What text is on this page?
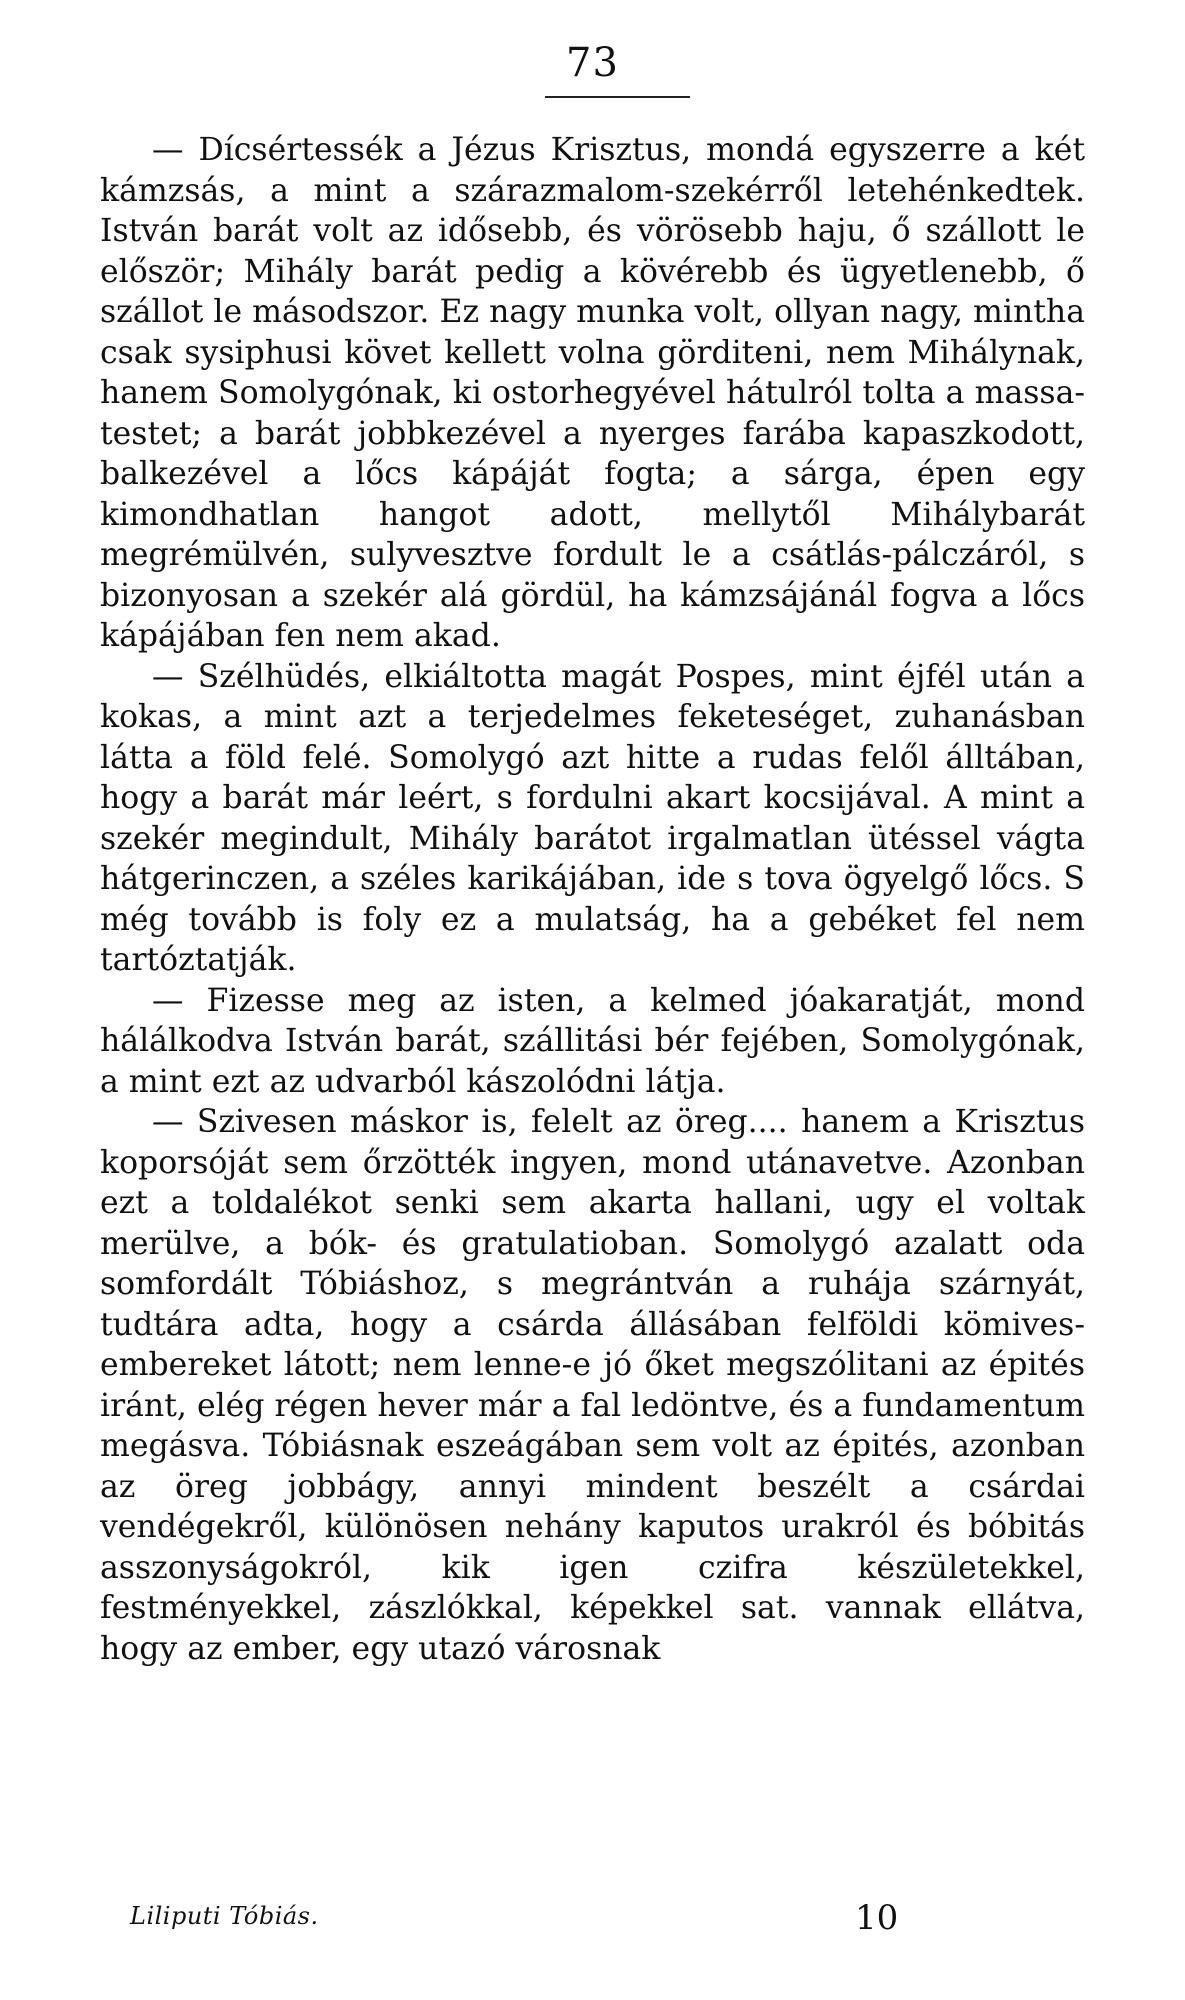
73

— Dícsértessék a Jézus Krisztus, mondá egyszerre a két kámzsás, a mint a szárazmalom-szekérről letehénkedtek. István barát volt az idősebb, és vörösebb haju, ő szállott le először; Mihály barát pedig a kövérebb és ügyetlenebb, ő szállot le másodszor. Ez nagy munka volt, ollyan nagy, mintha csak sysiphusi követ kellett volna görditeni, nem Mihálynak, hanem Somolygónak, ki ostorhegyével hátulról tolta a massa-testet; a barát jobbkezével a nyerges farába kapaszkodott, balkezével a lőcs kápáját fogta; a sárga, épen egy kimondhatlan hangot adott, mellytől Mihálybarát megrémülvén, sulyvesztve fordult le a csátlás-pálczáról, s bizonyosan a szekér alá gördül, ha kámzsájánál fogva a lőcs kápájában fen nem akad.

— Szélhüdés, elkiáltotta magát Pospes, mint éjfél után a kokas, a mint azt a terjedelmes feketeséget, zuhanásban látta a föld felé. Somolygó azt hitte a rudas felől álltában, hogy a barát már leért, s fordulni akart kocsijával. A mint a szekér megindult, Mihály barátot irgalmatlan ütéssel vágta hátgerinczen, a széles karikájában, ide s tova ögyelgő lőcs. S még tovább is foly ez a mulatság, ha a gebéket fel nem tartóztatják.

— Fizesse meg az isten, a kelmed jóakaratját, mond hálálkodva István barát, szállitási bér fejében, Somolygónak, a mint ezt az udvarból kászolódni látja.

— Szivesen máskor is, felelt az öreg.... hanem a Krisztus koporsóját sem őrzötték ingyen, mond utánavetve. Azonban ezt a toldalékot senki sem akarta hallani, ugy el voltak merülve, a bók- és gratulatioban. Somolygó azalatt oda somfordált Tóbiáshoz, s megrántván a ruhája szárnyát, tudtára adta, hogy a csárda állásában felföldi kömives-embereket látott; nem lenne-e jó őket megszólitani az épités iránt, elég régen hever már a fal ledöntve, és a fundamentum megásva. Tóbiásnak eszeágában sem volt az épités, azonban az öreg jobbágy, annyi mindent beszélt a csárdai vendégekről, különösen nehány kaputos urakról és bóbitás asszonyságokról, kik igen czifra készületekkel, festményekkel, zászlókkal, képekkel sat. vannak ellátva, hogy az ember, egy utazó városnak

Liliputi Tóbiás.	10
